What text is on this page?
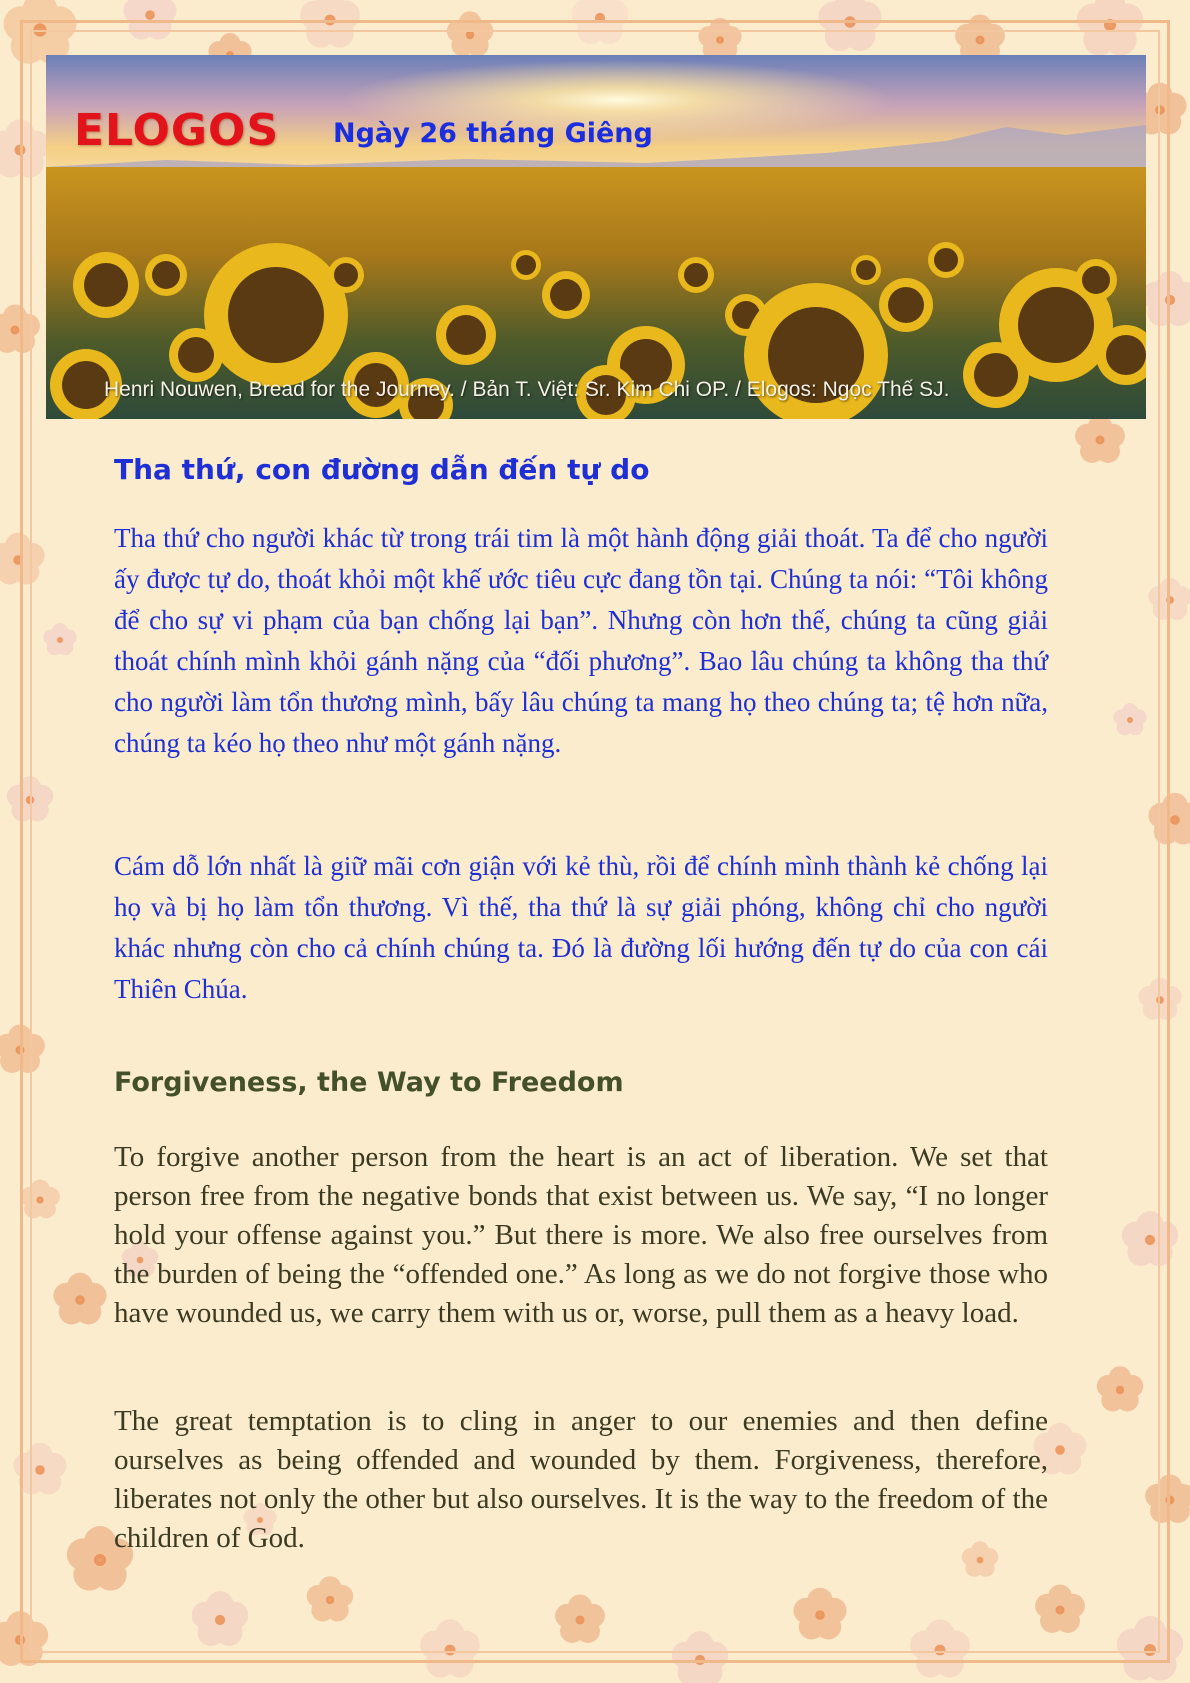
ELOGOS Ngày 26 tháng Giêng
Henri Nouwen, Bread for the Journey. / Bản T. Việt: Sr. Kim Chi OP. / Elogos: Ngọc Thế SJ.
Tha thứ, con đường dẫn đến tự do

Tha thứ cho người khác từ trong trái tim là một hành động giải thoát. Ta để cho người ấy được tự do, thoát khỏi một khế ước tiêu cực đang tồn tại. Chúng ta nói: “Tôi không để cho sự vi phạm của bạn chống lại bạn”. Nhưng còn hơn thế, chúng ta cũng giải thoát chính mình khỏi gánh nặng của “đối phương”. Bao lâu chúng ta không tha thứ cho người làm tổn thương mình, bấy lâu chúng ta mang họ theo chúng ta; tệ hơn nữa, chúng ta kéo họ theo như một gánh nặng.

Cám dỗ lớn nhất là giữ mãi cơn giận với kẻ thù, rồi để chính mình thành kẻ chống lại họ và bị họ làm tổn thương. Vì thế, tha thứ là sự giải phóng, không chỉ cho người khác nhưng còn cho cả chính chúng ta. Đó là đường lối hướng đến tự do của con cái Thiên Chúa.

Forgiveness, the Way to Freedom

To forgive another person from the heart is an act of liberation. We set that person free from the negative bonds that exist between us. We say, “I no longer hold your offense against you.” But there is more. We also free ourselves from the burden of being the “offended one.” As long as we do not forgive those who have wounded us, we carry them with us or, worse, pull them as a heavy load.

The great temptation is to cling in anger to our enemies and then define ourselves as being offended and wounded by them. Forgiveness, therefore, liberates not only the other but also ourselves. It is the way to the freedom of the children of God.
